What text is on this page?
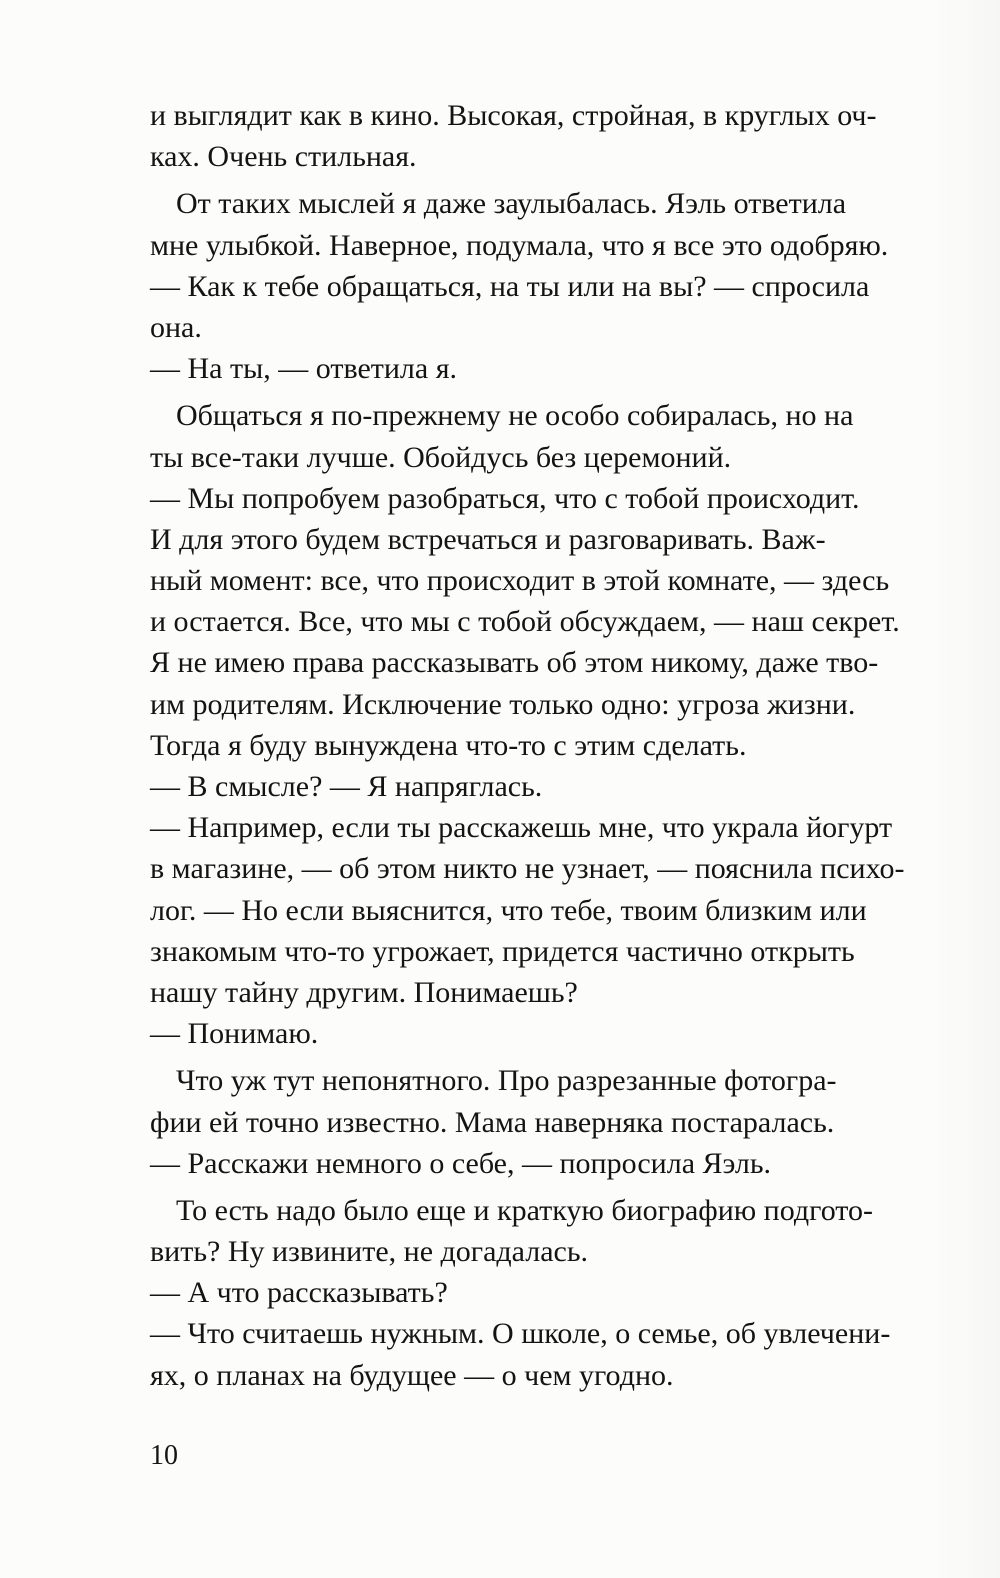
и выглядит как в кино. Высокая, стройная, в круглых оч-
ках. Очень стильная.
От таких мыслей я даже заулыбалась. Яэль ответила
мне улыбкой. Наверное, подумала, что я все это одобряю.
— Как к тебе обращаться, на ты или на вы? — спросила
она.
— На ты, — ответила я.
Общаться я по-прежнему не особо собиралась, но на
ты все-таки лучше. Обойдусь без церемоний.
— Мы попробуем разобраться, что с тобой происходит.
И для этого будем встречаться и разговаривать. Важ-
ный момент: все, что происходит в этой комнате, — здесь
и остается. Все, что мы с тобой обсуждаем, — наш секрет.
Я не имею права рассказывать об этом никому, даже тво-
им родителям. Исключение только одно: угроза жизни.
Тогда я буду вынуждена что-то с этим сделать.
— В смысле? — Я напряглась.
— Например, если ты расскажешь мне, что украла йогурт
в магазине, — об этом никто не узнает, — пояснила психо-
лог. — Но если выяснится, что тебе, твоим близким или
знакомым что-то угрожает, придется частично открыть
нашу тайну другим. Понимаешь?
— Понимаю.
Что уж тут непонятного. Про разрезанные фотогра-
фии ей точно известно. Мама наверняка постаралась.
— Расскажи немного о себе, — попросила Яэль.
То есть надо было еще и краткую биографию подгото-
вить? Ну извините, не догадалась.
— А что рассказывать?
— Что считаешь нужным. О школе, о семье, об увлечени-
ях, о планах на будущее — о чем угодно.
10
